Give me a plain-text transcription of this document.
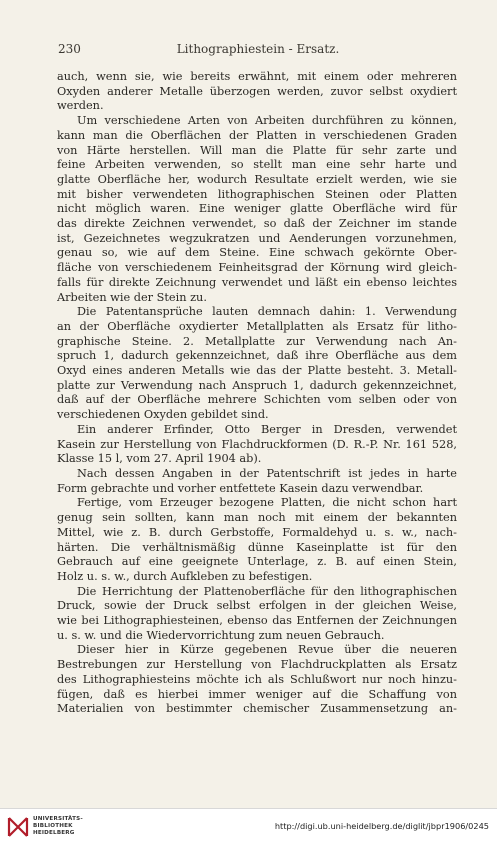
230	Lithographiestein - Ersatz.
auch, wenn sie, wie bereits erwähnt, mit einem oder mehreren
Oxyden anderer Metalle überzogen werden, zuvor selbst oxydiert
werden.
Um verschiedene Arten von Arbeiten durchführen zu können,
kann man die Oberflächen der Platten in verschiedenen Graden
von Härte herstellen. Will man die Platte für sehr zarte und
feine Arbeiten verwenden, so stellt man eine sehr harte und
glatte Oberfläche her, wodurch Resultate erzielt werden, wie sie
mit bisher verwendeten lithographischen Steinen oder Platten
nicht möglich waren. Eine weniger glatte Oberfläche wird für
das direkte Zeichnen verwendet, so daß der Zeichner im stande
ist, Gezeichnetes wegzukratzen und Aenderungen vorzunehmen,
genau so, wie auf dem Steine. Eine schwach gekörnte Ober-
fläche von verschiedenem Feinheitsgrad der Körnung wird gleich-
falls für direkte Zeichnung verwendet und läßt ein ebenso leichtes
Arbeiten wie der Stein zu.
Die Patentansprüche lauten demnach dahin: 1. Verwendung
an der Oberfläche oxydierter Metallplatten als Ersatz für litho-
graphische Steine. 2. Metallplatte zur Verwendung nach An-
spruch 1, dadurch gekennzeichnet, daß ihre Oberfläche aus dem
Oxyd eines anderen Metalls wie das der Platte besteht. 3. Metall-
platte zur Verwendung nach Anspruch 1, dadurch gekennzeichnet,
daß auf der Oberfläche mehrere Schichten vom selben oder von
verschiedenen Oxyden gebildet sind.
Ein anderer Erfinder, Otto Berger in Dresden, verwendet
Kasein zur Herstellung von Flachdruckformen (D. R.-P. Nr. 161 528,
Klasse 15 l, vom 27. April 1904 ab).
Nach dessen Angaben in der Patentschrift ist jedes in harte
Form gebrachte und vorher entfettete Kasein dazu verwendbar.
Fertige, vom Erzeuger bezogene Platten, die nicht schon hart
genug sein sollten, kann man noch mit einem der bekannten
Mittel, wie z. B. durch Gerbstoffe, Formaldehyd u. s. w., nach-
härten. Die verhältnismäßig dünne Kaseinplatte ist für den
Gebrauch auf eine geeignete Unterlage, z. B. auf einen Stein,
Holz u. s. w., durch Aufkleben zu befestigen.
Die Herrichtung der Plattenoberfläche für den lithographischen
Druck, sowie der Druck selbst erfolgen in der gleichen Weise,
wie bei Lithographiesteinen, ebenso das Entfernen der Zeichnungen
u. s. w. und die Wiedervorrichtung zum neuen Gebrauch.
Dieser hier in Kürze gegebenen Revue über die neueren
Bestrebungen zur Herstellung von Flachdruckplatten als Ersatz
des Lithographiesteins möchte ich als Schlußwort nur noch hinzu-
fügen, daß es hierbei immer weniger auf die Schaffung von
Materialien von bestimmter chemischer Zusammensetzung an-
UNIVERSITÄTS-
BIBLIOTHEK
HEIDELBERG
http://digi.ub.uni-heidelberg.de/diglit/jbpr1906/0245
